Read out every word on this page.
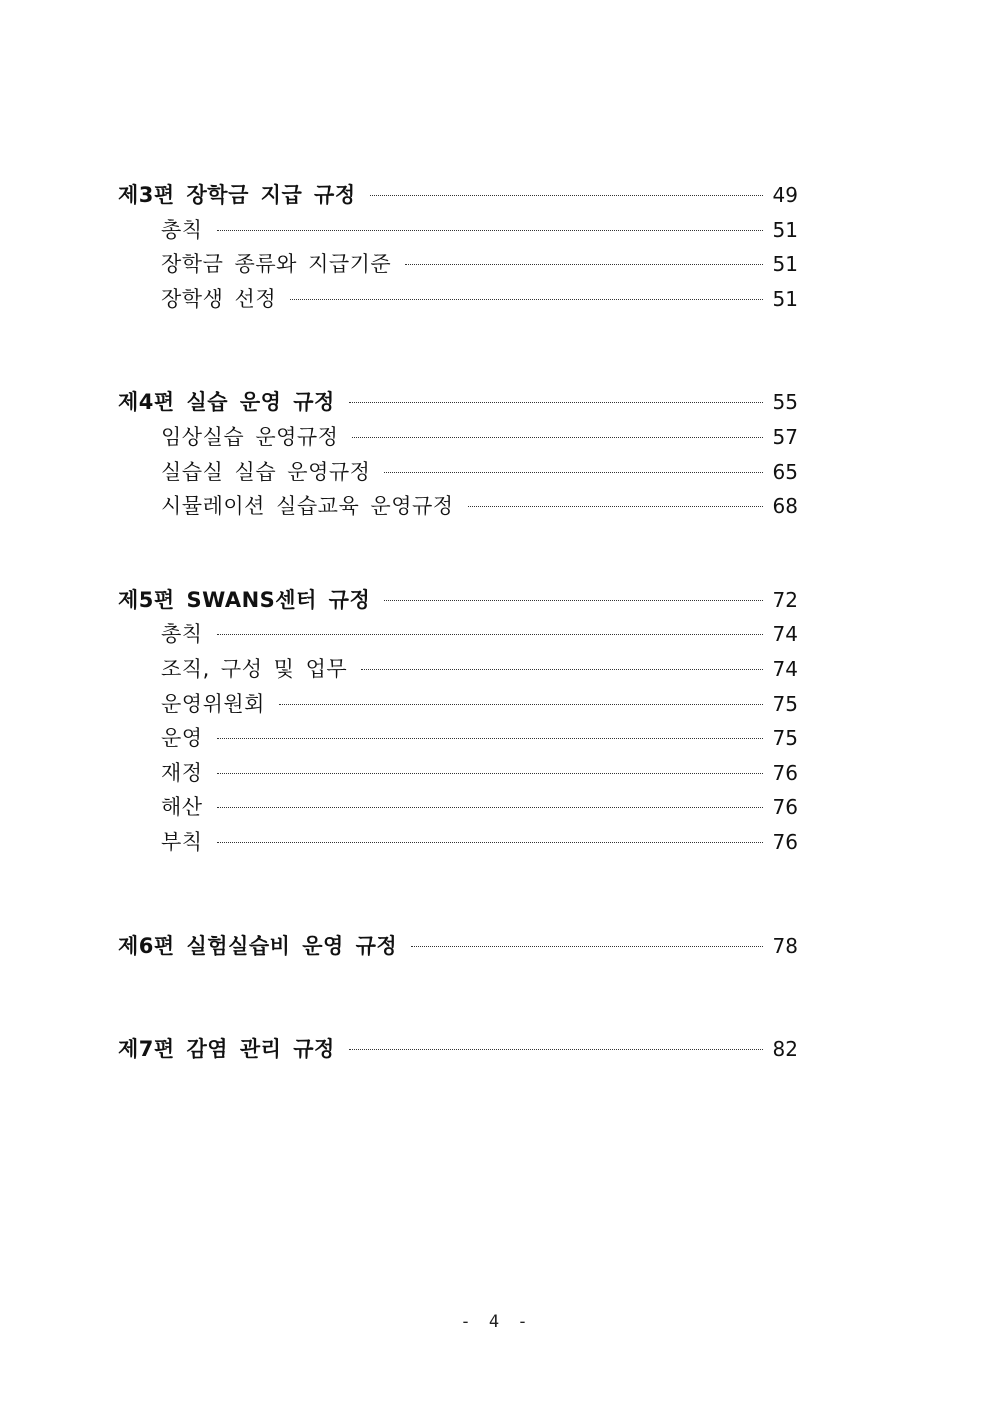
제3편 장학금 지급 규정	49
총칙	51
장학금 종류와 지급기준	51
장학생 선정	51
제4편 실습 운영 규정	55
임상실습 운영규정	57
실습실 실습 운영규정	65
시뮬레이션 실습교육 운영규정	68
제5편 SWANS센터 규정	72
총칙	74
조직, 구성 및 업무	74
운영위원회	75
운영	75
재정	76
해산	76
부칙	76
제6편 실험실습비 운영 규정	78
제7편 감염 관리 규정	82
- 4 -
